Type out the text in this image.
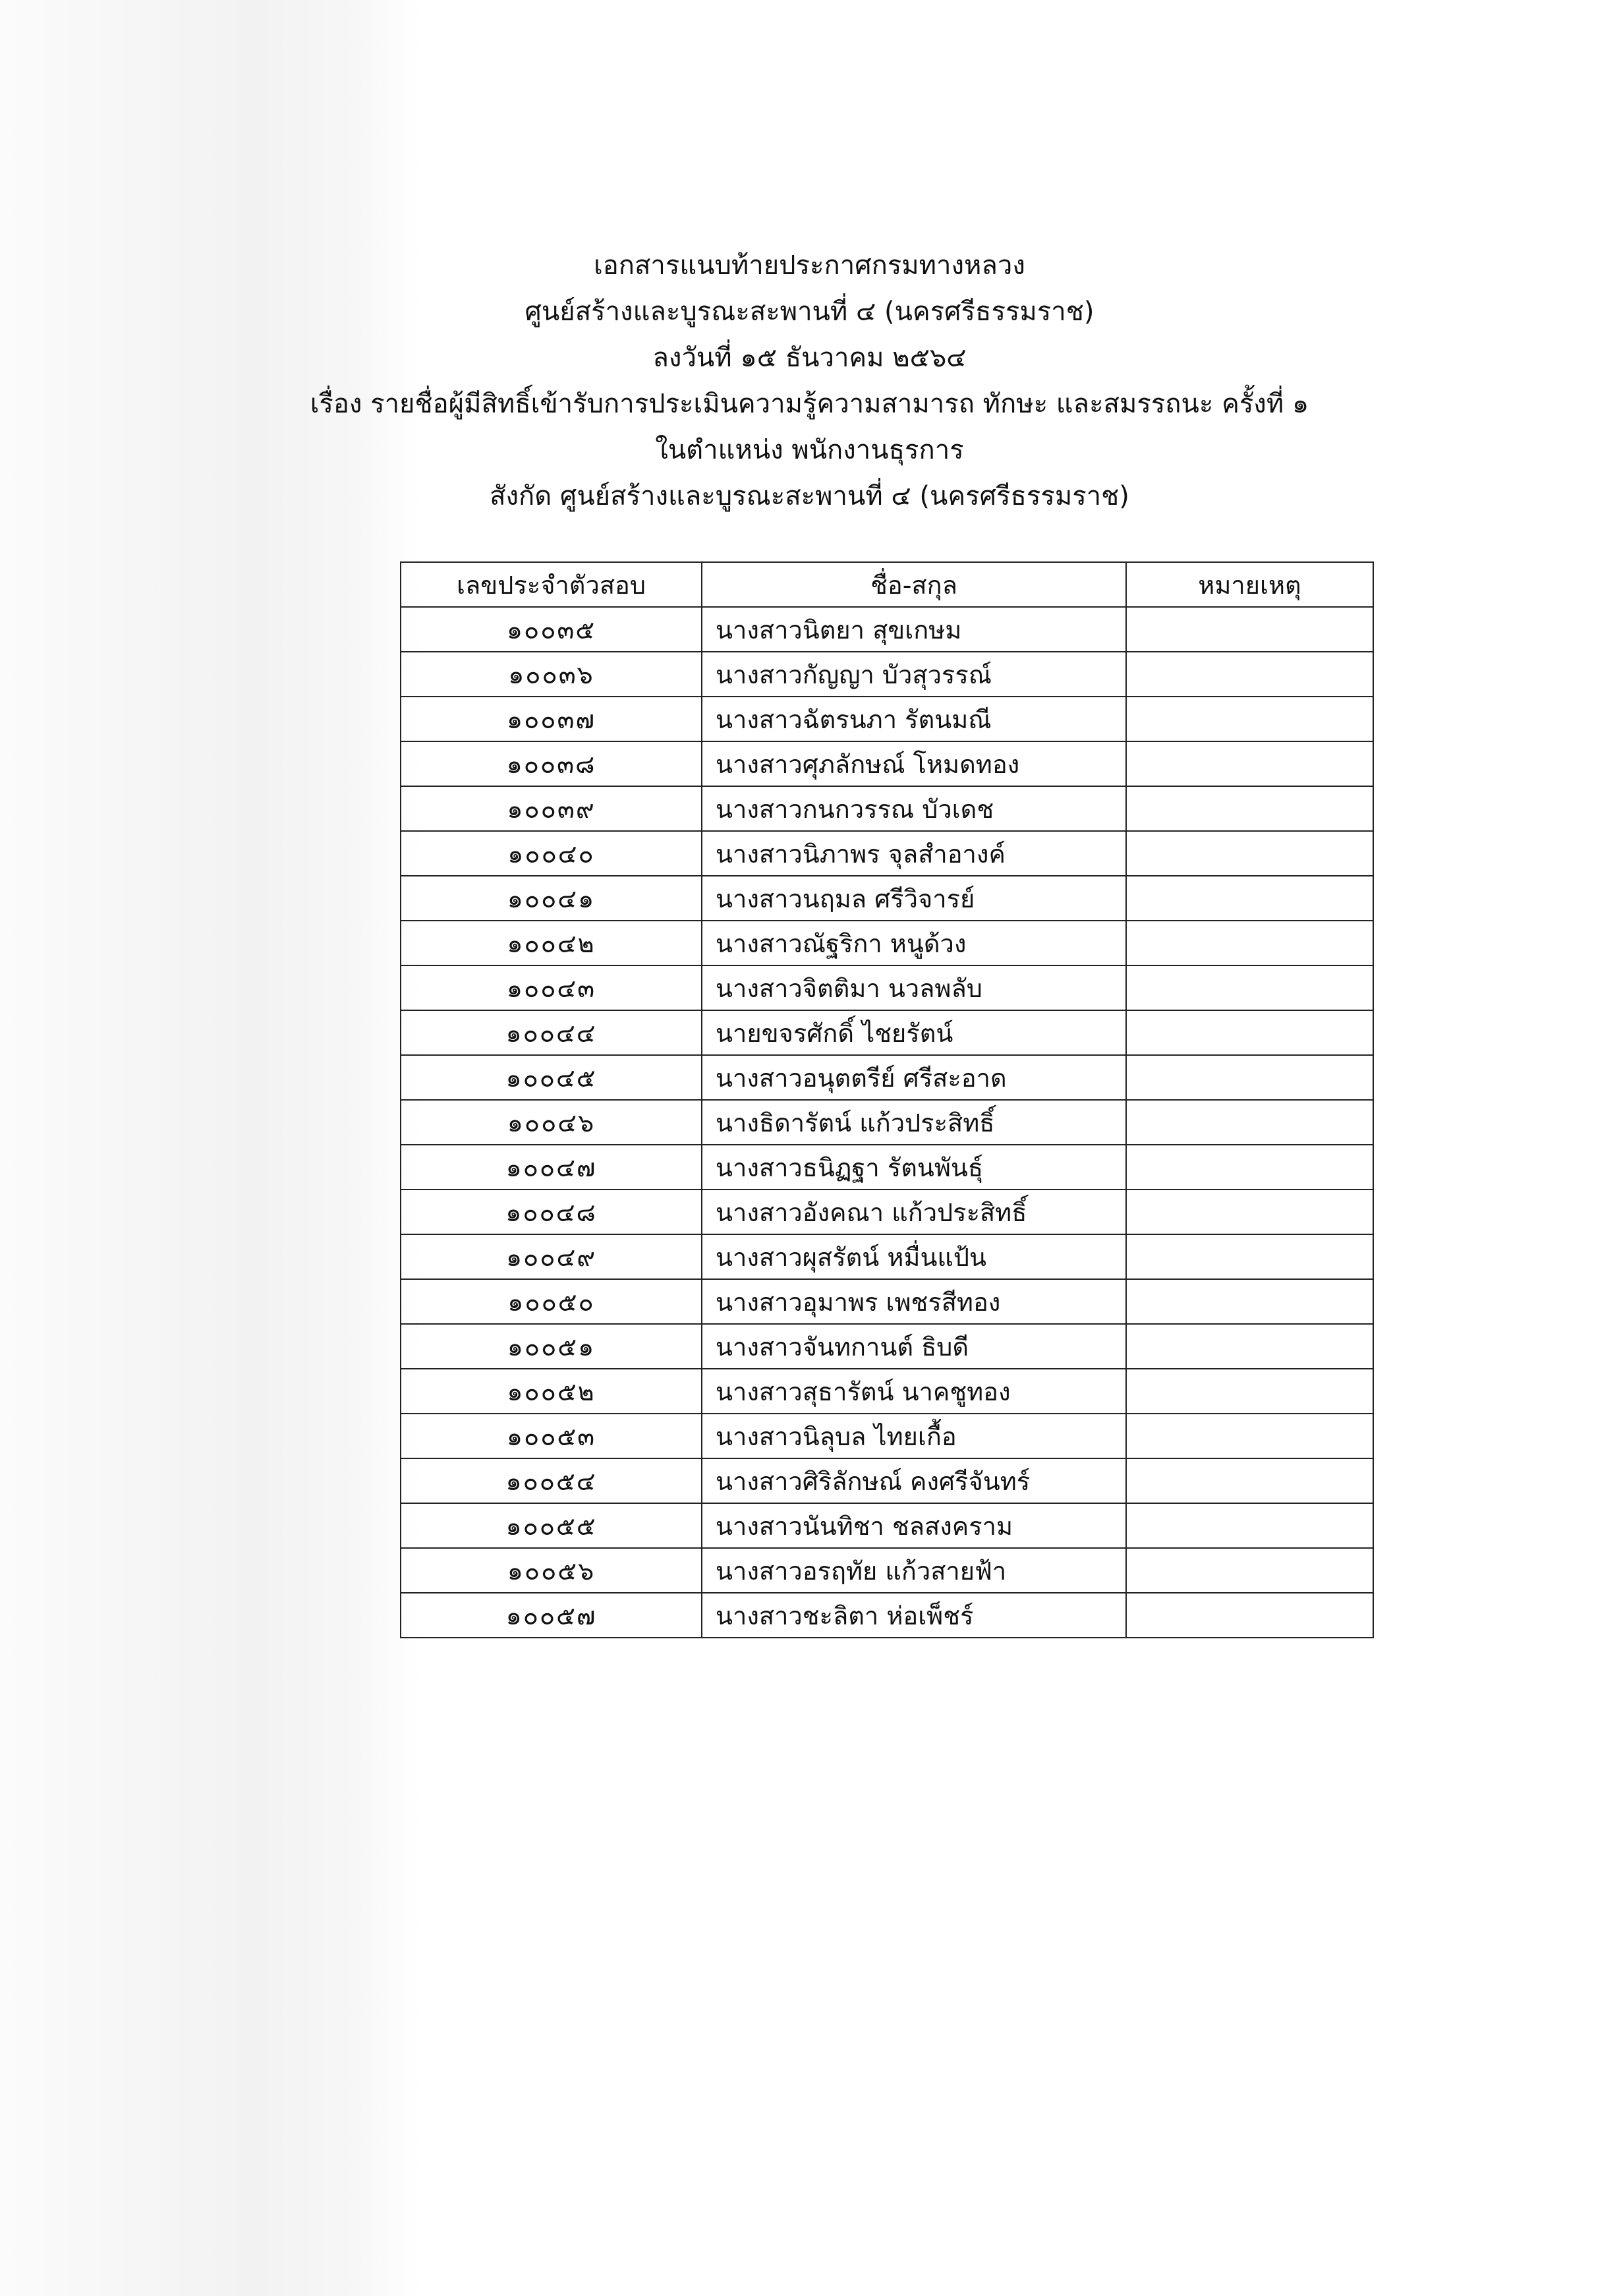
เอกสารแนบท้ายประกาศกรมทางหลวง
ศูนย์สร้างและบูรณะสะพานที่ ๔ (นครศรีธรรมราช)
ลงวันที่ ๑๕ ธันวาคม ๒๕๖๔
เรื่อง รายชื่อผู้มีสิทธิ์เข้ารับการประเมินความรู้ความสามารถ ทักษะ และสมรรถนะ ครั้งที่ ๑
ในตำแหน่ง พนักงานธุรการ
สังกัด ศูนย์สร้างและบูรณะสะพานที่ ๔ (นครศรีธรรมราช)
เลขประจำตัวสอบ	ชื่อ-สกุล	หมายเหตุ
๑๐๐๓๕	นางสาวนิตยา สุขเกษม	
๑๐๐๓๖	นางสาวกัญญา บัวสุวรรณ์	
๑๐๐๓๗	นางสาวฉัตรนภา รัตนมณี	
๑๐๐๓๘	นางสาวศุภลักษณ์ โหมดทอง	
๑๐๐๓๙	นางสาวกนกวรรณ บัวเดช	
๑๐๐๔๐	นางสาวนิภาพร จุลสำอางค์	
๑๐๐๔๑	นางสาวนฤมล ศรีวิจารย์	
๑๐๐๔๒	นางสาวณัฐริกา หนูด้วง	
๑๐๐๔๓	นางสาวจิตติมา นวลพลับ	
๑๐๐๔๔	นายขจรศักดิ์ ไชยรัตน์	
๑๐๐๔๕	นางสาวอนุตตรีย์ ศรีสะอาด	
๑๐๐๔๖	นางธิดารัตน์ แก้วประสิทธิ์	
๑๐๐๔๗	นางสาวธนิฏฐา รัตนพันธุ์	
๑๐๐๔๘	นางสาวอังคณา แก้วประสิทธิ์	
๑๐๐๔๙	นางสาวผุสรัตน์ หมื่นแป้น	
๑๐๐๕๐	นางสาวอุมาพร เพชรสีทอง	
๑๐๐๕๑	นางสาวจันทกานต์ ธิบดี	
๑๐๐๕๒	นางสาวสุธารัตน์ นาคชูทอง	
๑๐๐๕๓	นางสาวนิลุบล ไทยเกื้อ	
๑๐๐๕๔	นางสาวศิริลักษณ์ คงศรีจันทร์	
๑๐๐๕๕	นางสาวนันทิชา ชลสงคราม	
๑๐๐๕๖	นางสาวอรฤทัย แก้วสายฟ้า	
๑๐๐๕๗	นางสาวชะลิตา ห่อเพ็ชร์	
